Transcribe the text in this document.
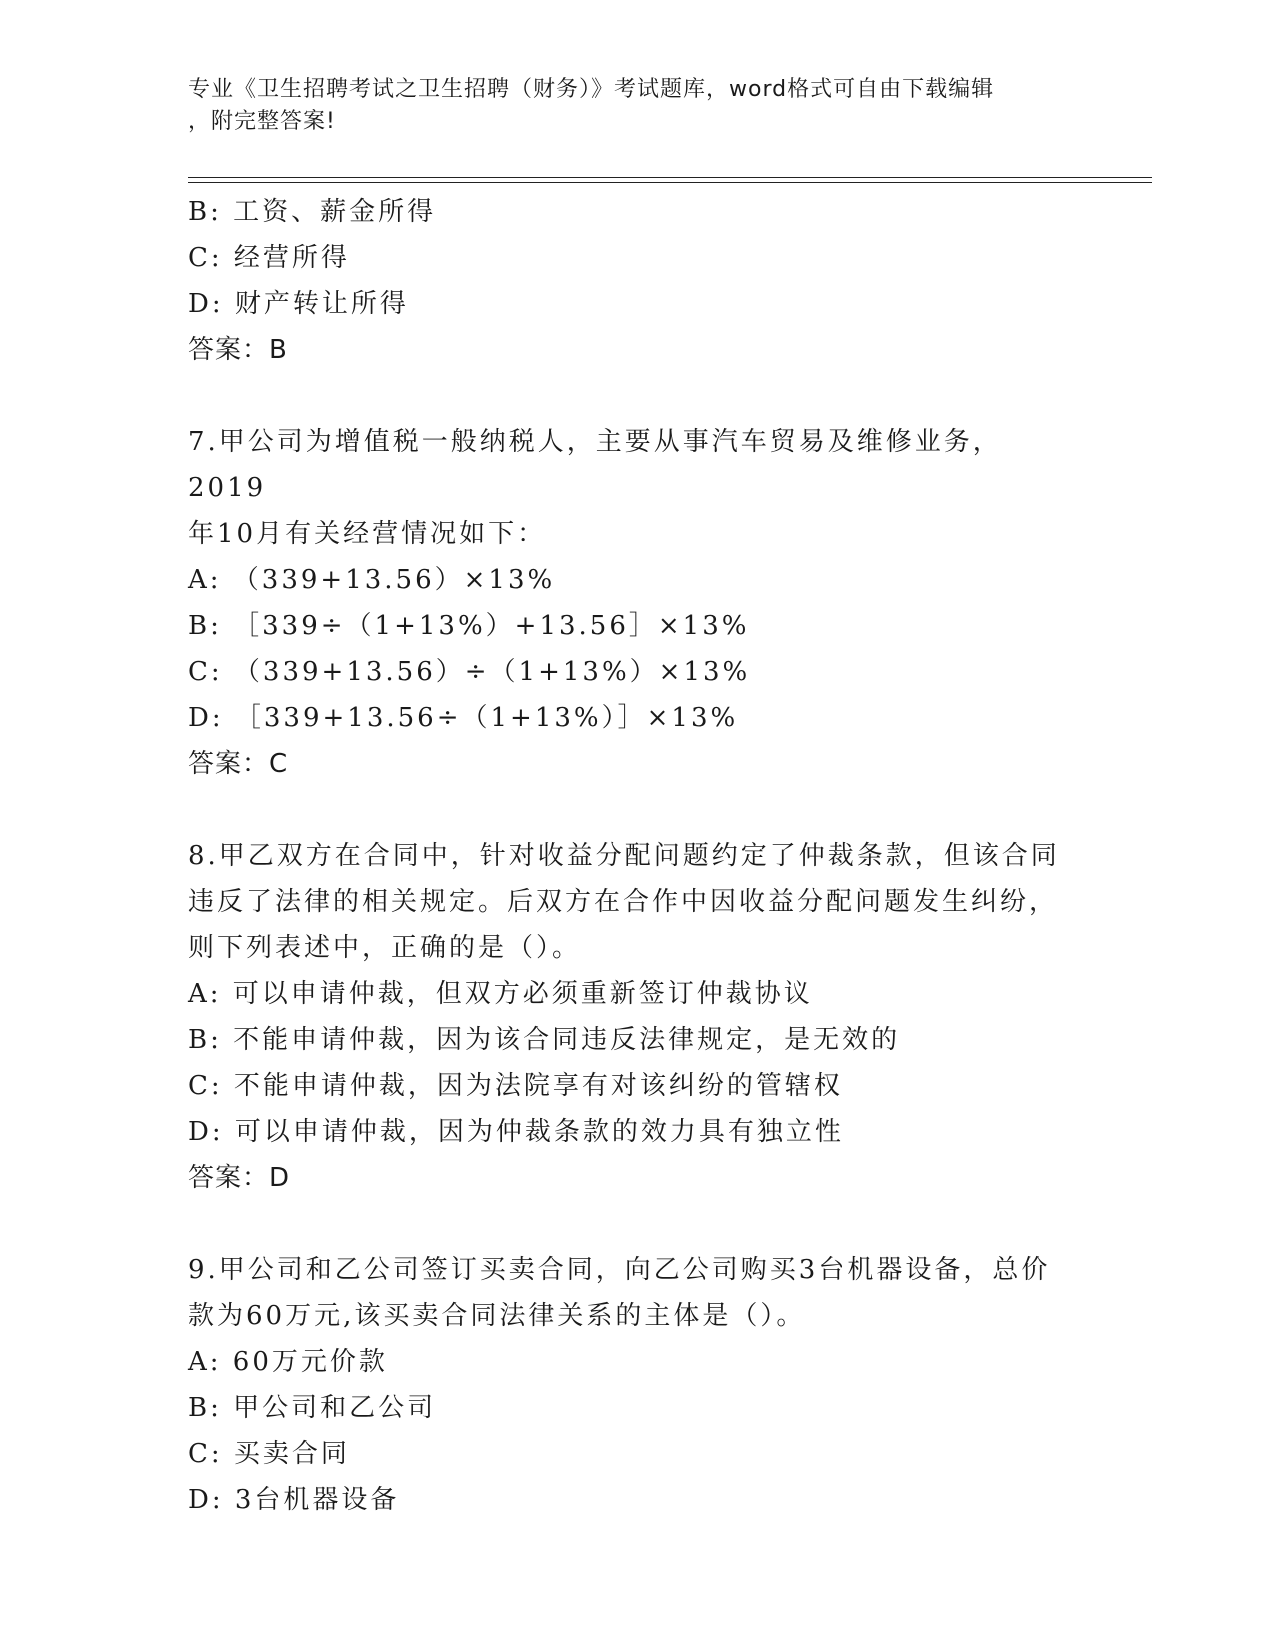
专业《卫生招聘考试之卫生招聘（财务）》考试题库，word格式可自由下载编辑
，附完整答案!
B: 工资、薪金所得
C: 经营所得
D: 财产转让所得
答案：B
7.甲公司为增值税一般纳税人，主要从事汽车贸易及维修业务，2019
年10月有关经营情况如下：
A: （339+13.56）×13%
B: ［339÷（1+13%）+13.56］×13%
C: （339+13.56）÷（1+13%）×13%
D: ［339+13.56÷（1+13%）］×13%
答案：C
8.甲乙双方在合同中，针对收益分配问题约定了仲裁条款，但该合同
违反了法律的相关规定。后双方在合作中因收益分配问题发生纠纷，
则下列表述中，正确的是（）。
A: 可以申请仲裁，但双方必须重新签订仲裁协议
B: 不能申请仲裁，因为该合同违反法律规定，是无效的
C: 不能申请仲裁，因为法院享有对该纠纷的管辖权
D: 可以申请仲裁，因为仲裁条款的效力具有独立性
答案：D
9.甲公司和乙公司签订买卖合同，向乙公司购买3台机器设备，总价
款为60万元,该买卖合同法律关系的主体是（）。
A: 60万元价款
B: 甲公司和乙公司
C: 买卖合同
D: 3台机器设备
